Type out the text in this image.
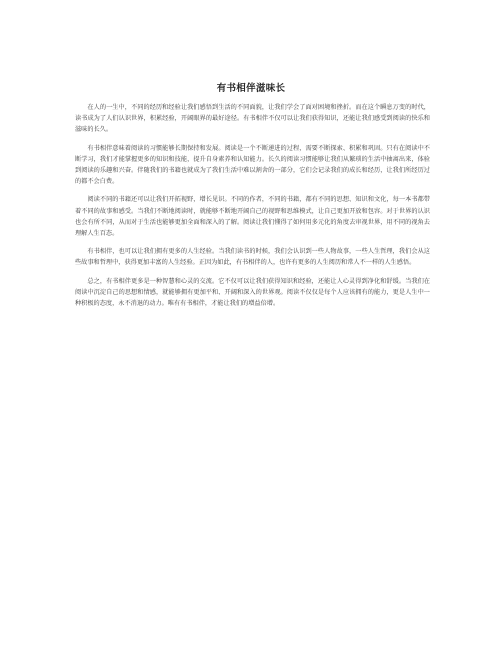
有书相伴滋味长

在人的一生中，不同的经历和经验让我们感悟到生活的不同面貌，让我们学会了面对困境和挫折。而在这个瞬息万变的时代，读书成为了人们认识世界，积累经验，开阔眼界的最好途径。有书相伴不仅可以让我们获得知识，还能让我们感受到阅读的快乐和滋味的长久。

有书相伴意味着阅读的习惯能够长期保持和发展。阅读是一个不断递进的过程，需要不断探索、积累和巩固。只有在阅读中不断学习，我们才能掌握更多的知识和技能，提升自身素养和认知能力。长久的阅读习惯能够让我们从繁琐的生活中抽离出来，体验到阅读的乐趣和兴奋。伴随我们的书籍也就成为了我们生活中难以割舍的一部分，它们会记录我们的成长和经历，让我们所经历过的都不会白费。

阅读不同的书籍还可以让我们开拓视野，增长见识。不同的作者，不同的书籍，都有不同的思想、知识和文化，每一本书都带着不同的故事和感受。当我们不断地阅读时，就能够不断地开阔自己的视野和思维模式，让自己更加开放和包容。对于世界的认识也会有所不同，从而对于生活也能够更加全面和深入的了解。阅读让我们懂得了如何用多元化的角度去审视世界，用不同的视角去理解人生百态。

有书相伴，也可以让我们拥有更多的人生经验。当我们读书的时候，我们会认识到一些人物故事，一些人生哲理，我们会从这些故事和哲理中，获得更加丰富的人生经验。正因为如此，有书相伴的人，也许有更多的人生阅历和常人不一样的人生感悟。

总之，有书相伴更多是一种智慧和心灵的交流。它不仅可以让我们获得知识和经验，还能让人心灵得到净化和舒缓。当我们在阅读中沉淀自己的思想和情感，就能够拥有更加平和、开阔和深入的世界观。阅读不仅仅是每个人应该拥有的能力，更是人生中一种积极的态度，永不消退的动力。唯有有书相伴，才能让我们的增益倍增。
